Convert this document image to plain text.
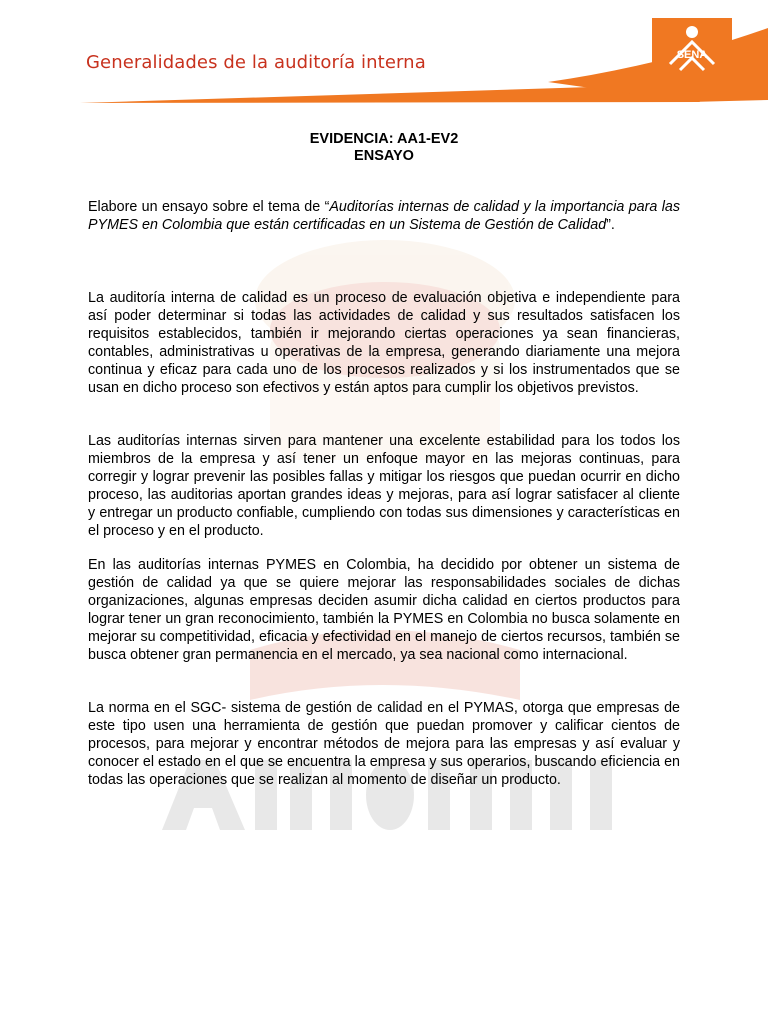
Generalidades de la auditoría interna	SENA
EVIDENCIA: AA1-EV2
ENSAYO
Elabore un ensayo sobre el tema de “Auditorías internas de calidad y la importancia para las PYMES en Colombia que están certificadas en un Sistema de Gestión de Calidad”.
La auditoría interna de calidad es un proceso de evaluación objetiva e independiente para así poder determinar si todas las actividades de calidad y sus resultados satisfacen los requisitos establecidos, también ir mejorando ciertas operaciones ya sean financieras, contables, administrativas u operativas de la empresa, generando diariamente una mejora continua y eficaz para cada uno de los procesos realizados y si los instrumentados que se usan en dicho proceso son efectivos y están aptos para cumplir los objetivos previstos.
Las auditorías internas sirven para mantener una excelente estabilidad para los todos los miembros de la empresa y así tener un enfoque mayor en las mejoras continuas, para corregir y lograr prevenir las posibles fallas y mitigar los riesgos que puedan ocurrir en dicho proceso, las auditorias aportan grandes ideas y mejoras, para así lograr satisfacer al cliente y entregar un producto confiable, cumpliendo con todas sus dimensiones y características en el proceso y en el producto.
En las auditorías internas PYMES en Colombia, ha decidido por obtener un sistema de gestión de calidad ya que se quiere mejorar las responsabilidades sociales de dichas organizaciones, algunas empresas deciden asumir dicha calidad en ciertos productos para lograr tener un gran reconocimiento, también la PYMES en Colombia no busca solamente en mejorar su competitividad, eficacia y efectividad en el manejo de ciertos recursos, también se busca obtener gran permanencia en el mercado, ya sea nacional como internacional.
La norma en el SGC- sistema de gestión de calidad en el PYMAS, otorga que empresas de este tipo usen una herramienta de gestión que puedan promover y calificar cientos de procesos, para mejorar y encontrar métodos de mejora para las empresas y así evaluar y conocer el estado en el que se encuentra la empresa y sus operarios, buscando eficiencia en todas las operaciones que se realizan al momento de diseñar un producto.
